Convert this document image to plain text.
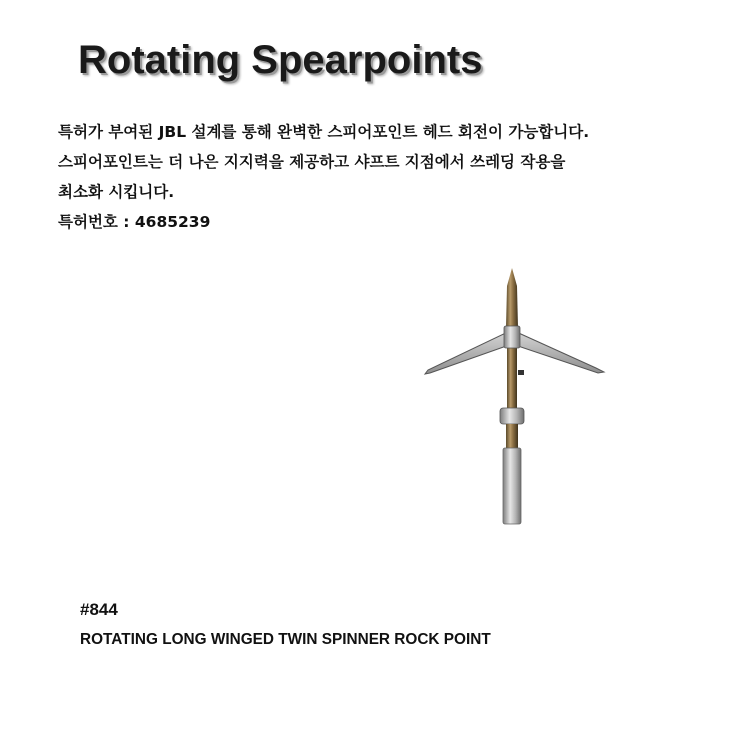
Rotating Spearpoints
특허가 부여된 JBL 설계를 통해 완벽한 스피어포인트 헤드 회전이 가능합니다.
스피어포인트는 더 나은 지지력을 제공하고 샤프트 지점에서 쓰레딩 작용을
최소화 시킵니다.
특허번호 : 4685239
#844
ROTATING LONG WINGED TWIN SPINNER ROCK POINT
